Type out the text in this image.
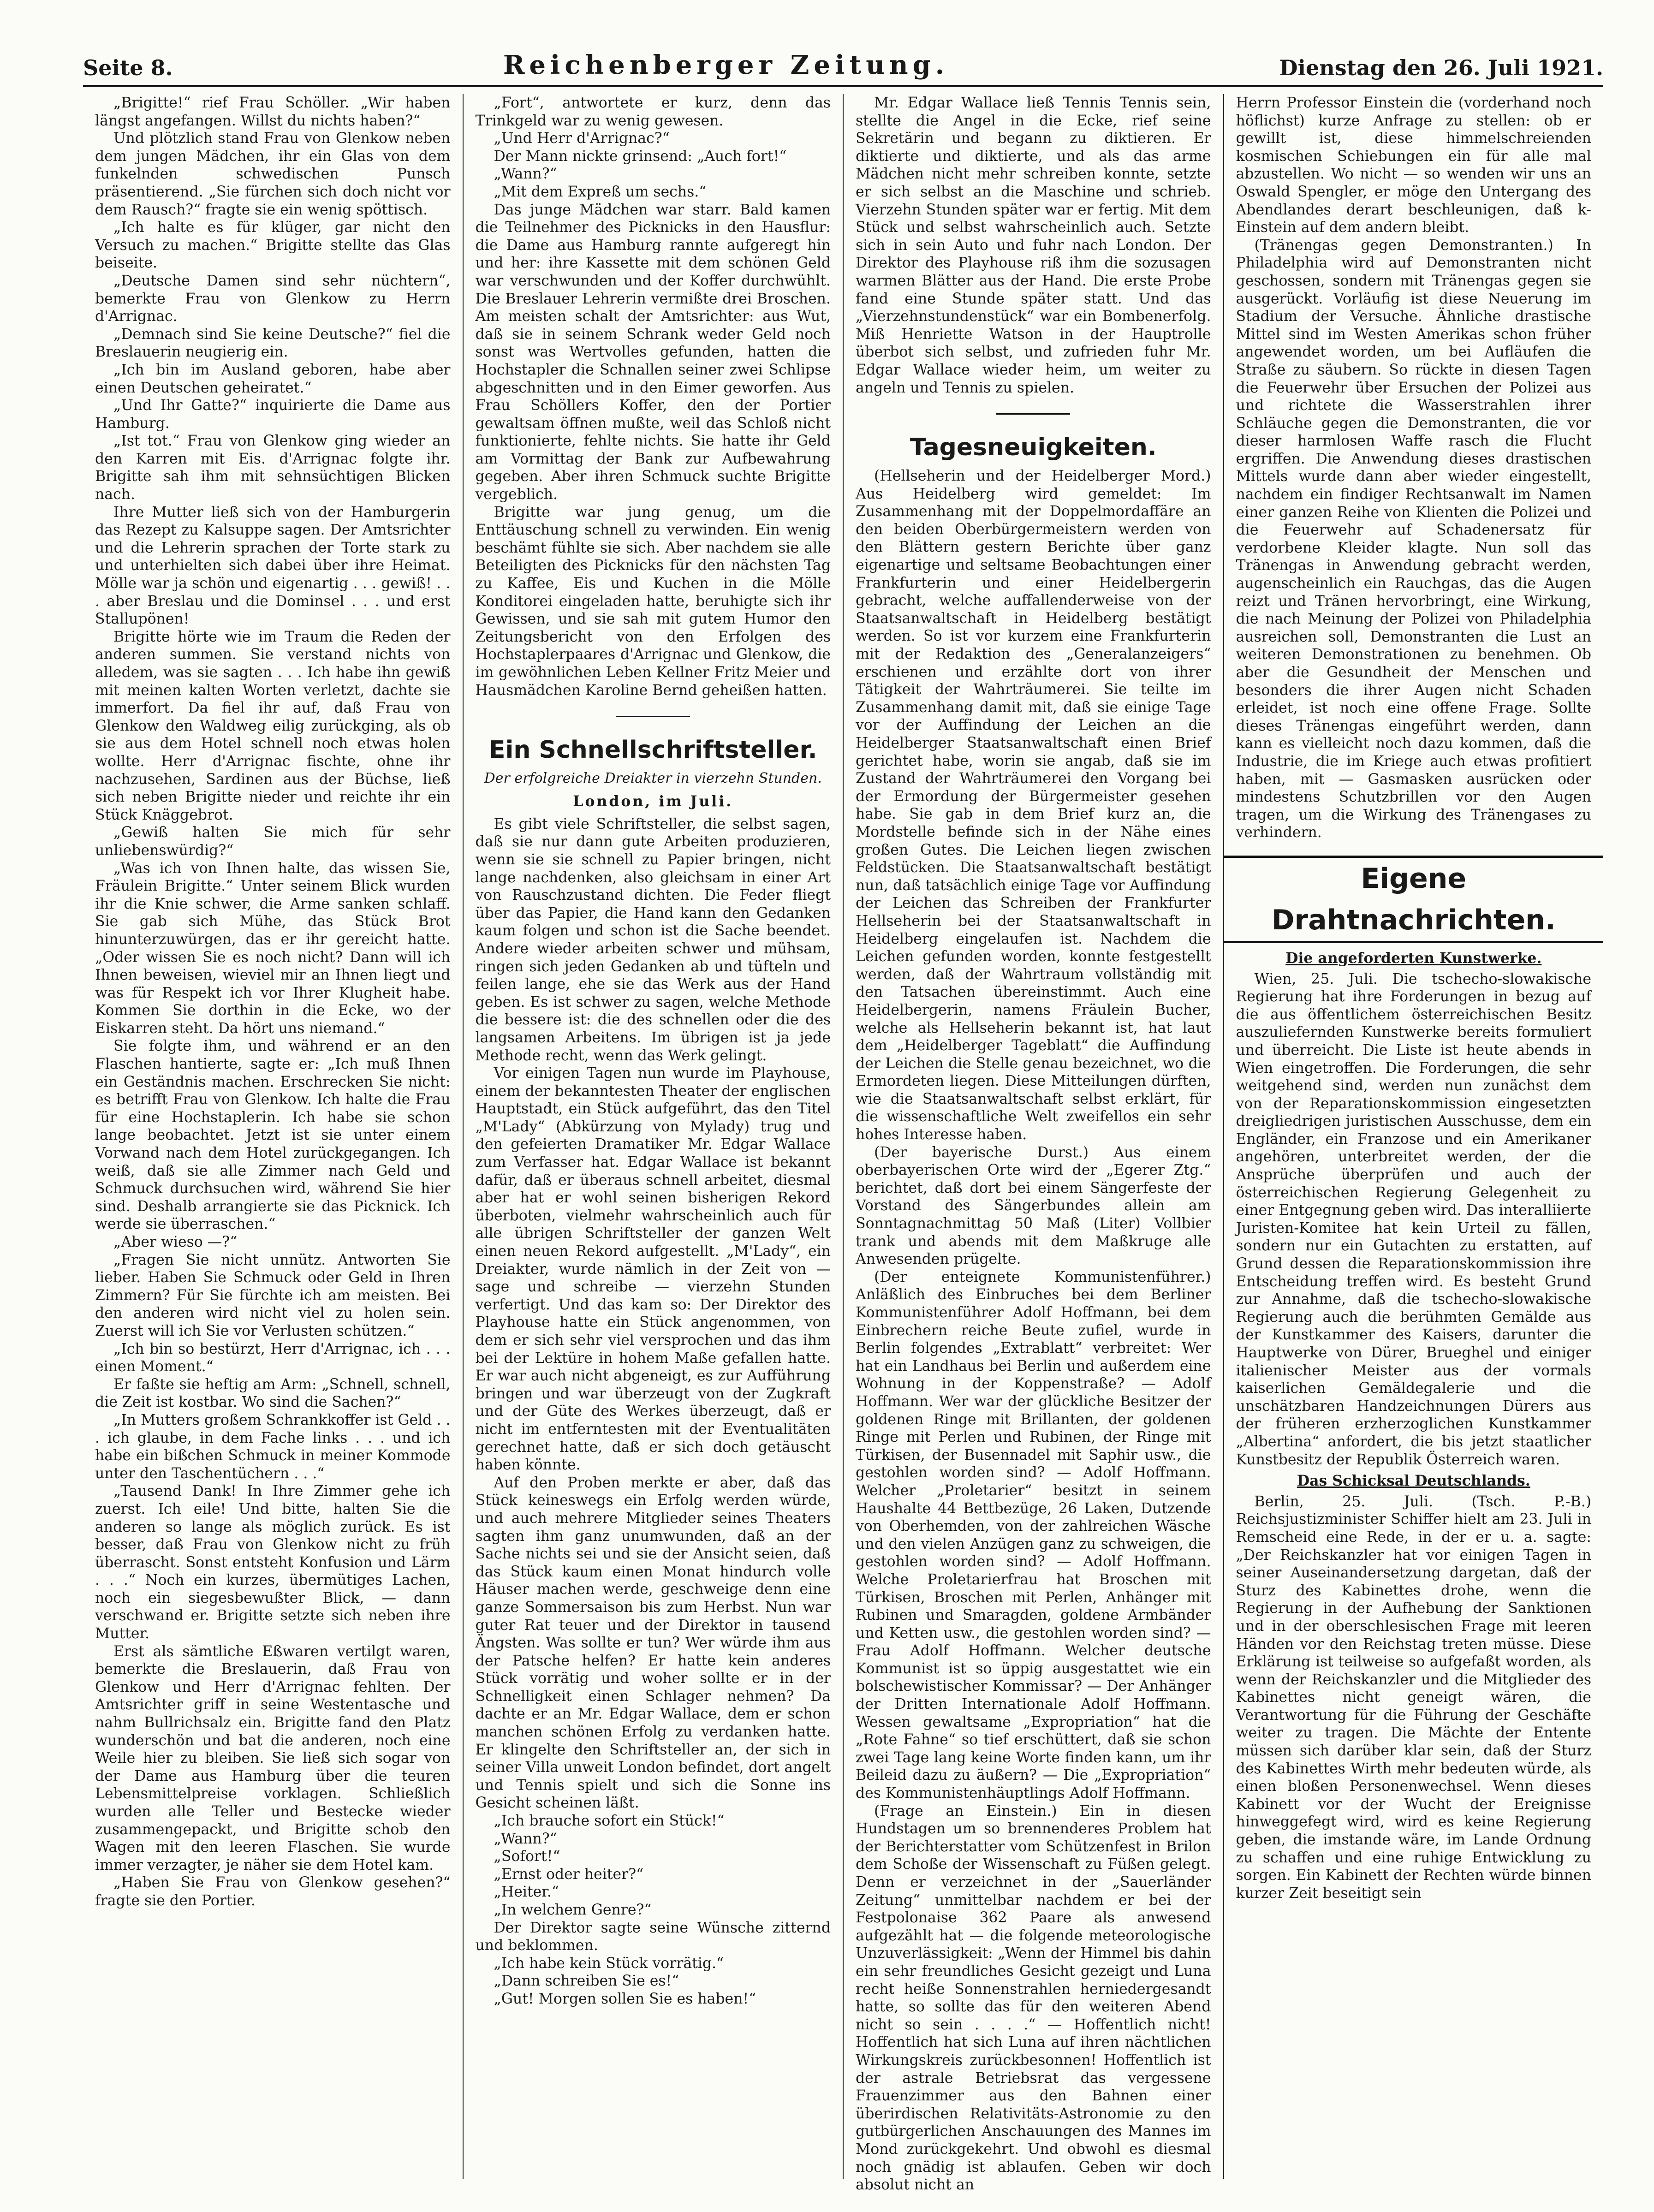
Seite 8.	Reichenberger Zeitung.	Dienstag den 26. Juli 1921.

„Brigitte!“ rief Frau Schöller. „Wir haben längst angefangen. Willst du nichts haben?“

Und plötzlich stand Frau von Glenkow neben dem jungen Mädchen, ihr ein Glas von dem funkelnden schwedischen Punsch präsentierend. „Sie fürchen sich doch nicht vor dem Rausch?“ fragte sie ein wenig spöttisch.

„Ich halte es für klüger, gar nicht den Versuch zu machen.“ Brigitte stellte das Glas beiseite.

„Deutsche Damen sind sehr nüchtern“, bemerkte Frau von Glenkow zu Herrn d'Arrignac.

„Demnach sind Sie keine Deutsche?“ fiel die Breslauerin neugierig ein.

„Ich bin im Ausland geboren, habe aber einen Deutschen geheiratet.“

„Und Ihr Gatte?“ inquirierte die Dame aus Hamburg.

„Ist tot.“ Frau von Glenkow ging wieder an den Karren mit Eis. d'Arrignac folgte ihr. Brigitte sah ihm mit sehnsüchtigen Blicken nach.

Ihre Mutter ließ sich von der Hamburgerin das Rezept zu Kalsuppe sagen. Der Amtsrichter und die Lehrerin sprachen der Torte stark zu und unterhielten sich dabei über ihre Heimat. Mölle war ja schön und eigenartig . . . gewiß! . . . aber Breslau und die Dominsel . . . und erst Stallupönen!

Brigitte hörte wie im Traum die Reden der anderen summen. Sie verstand nichts von alledem, was sie sagten . . . Ich habe ihn gewiß mit meinen kalten Worten verletzt, dachte sie immerfort. Da fiel ihr auf, daß Frau von Glenkow den Waldweg eilig zurückging, als ob sie aus dem Hotel schnell noch etwas holen wollte. Herr d'Arrignac fischte, ohne ihr nachzusehen, Sardinen aus der Büchse, ließ sich neben Brigitte nieder und reichte ihr ein Stück Knäggebrot.

„Gewiß halten Sie mich für sehr unliebenswürdig?“

„Was ich von Ihnen halte, das wissen Sie, Fräulein Brigitte.“ Unter seinem Blick wurden ihr die Knie schwer, die Arme sanken schlaff. Sie gab sich Mühe, das Stück Brot hinunterzuwürgen, das er ihr gereicht hatte. „Oder wissen Sie es noch nicht? Dann will ich Ihnen beweisen, wieviel mir an Ihnen liegt und was für Respekt ich vor Ihrer Klugheit habe. Kommen Sie dorthin in die Ecke, wo der Eiskarren steht. Da hört uns niemand.“

Sie folgte ihm, und während er an den Flaschen hantierte, sagte er: „Ich muß Ihnen ein Geständnis machen. Erschrecken Sie nicht: es betrifft Frau von Glenkow. Ich halte die Frau für eine Hochstaplerin. Ich habe sie schon lange beobachtet. Jetzt ist sie unter einem Vorwand nach dem Hotel zurückgegangen. Ich weiß, daß sie alle Zimmer nach Geld und Schmuck durchsuchen wird, während Sie hier sind. Deshalb arrangierte sie das Picknick. Ich werde sie überraschen.“

„Aber wieso —?“

„Fragen Sie nicht unnütz. Antworten Sie lieber. Haben Sie Schmuck oder Geld in Ihren Zimmern? Für Sie fürchte ich am meisten. Bei den anderen wird nicht viel zu holen sein. Zuerst will ich Sie vor Verlusten schützen.“

„Ich bin so bestürzt, Herr d'Arrignac, ich . . . einen Moment.“

Er faßte sie heftig am Arm: „Schnell, schnell, die Zeit ist kostbar. Wo sind die Sachen?“

„In Mutters großem Schrankkoffer ist Geld . . . ich glaube, in dem Fache links . . . und ich habe ein bißchen Schmuck in meiner Kommode unter den Taschentüchern . . .“

„Tausend Dank! In Ihre Zimmer gehe ich zuerst. Ich eile! Und bitte, halten Sie die anderen so lange als möglich zurück. Es ist besser, daß Frau von Glenkow nicht zu früh überrascht. Sonst entsteht Konfusion und Lärm . . .“ Noch ein kurzes, übermütiges Lachen, noch ein siegesbewußter Blick, — dann verschwand er. Brigitte setzte sich neben ihre Mutter.

Erst als sämtliche Eßwaren vertilgt waren, bemerkte die Breslauerin, daß Frau von Glenkow und Herr d'Arrignac fehlten. Der Amtsrichter griff in seine Westentasche und nahm Bullrichsalz ein. Brigitte fand den Platz wunderschön und bat die anderen, noch eine Weile hier zu bleiben. Sie ließ sich sogar von der Dame aus Hamburg über die teuren Lebensmittelpreise vorklagen. Schließlich wurden alle Teller und Bestecke wieder zusammengepackt, und Brigitte schob den Wagen mit den leeren Flaschen. Sie wurde immer verzagter, je näher sie dem Hotel kam.

„Haben Sie Frau von Glenkow gesehen?“ fragte sie den Portier.

„Fort“, antwortete er kurz, denn das Trinkgeld war zu wenig gewesen.

„Und Herr d'Arrignac?“

Der Mann nickte grinsend: „Auch fort!“

„Wann?“

„Mit dem Expreß um sechs.“

Das junge Mädchen war starr. Bald kamen die Teilnehmer des Picknicks in den Hausflur: die Dame aus Hamburg rannte aufgeregt hin und her: ihre Kassette mit dem schönen Geld war verschwunden und der Koffer durchwühlt. Die Breslauer Lehrerin vermißte drei Broschen. Am meisten schalt der Amtsrichter: aus Wut, daß sie in seinem Schrank weder Geld noch sonst was Wertvolles gefunden, hatten die Hochstapler die Schnallen seiner zwei Schlipse abgeschnitten und in den Eimer geworfen. Aus Frau Schöllers Koffer, den der Portier gewaltsam öffnen mußte, weil das Schloß nicht funktionierte, fehlte nichts. Sie hatte ihr Geld am Vormittag der Bank zur Aufbewahrung gegeben. Aber ihren Schmuck suchte Brigitte vergeblich.

Brigitte war jung genug, um die Enttäuschung schnell zu verwinden. Ein wenig beschämt fühlte sie sich. Aber nachdem sie alle Beteiligten des Picknicks für den nächsten Tag zu Kaffee, Eis und Kuchen in die Mölle Konditorei eingeladen hatte, beruhigte sich ihr Gewissen, und sie sah mit gutem Humor den Zeitungsbericht von den Erfolgen des Hochstaplerpaares d'Arrignac und Glenkow, die im gewöhnlichen Leben Kellner Fritz Meier und Hausmädchen Karoline Bernd geheißen hatten.

Ein Schnellschriftsteller.
Der erfolgreiche Dreiakter in vierzehn Stunden.
London, im Juli.

Es gibt viele Schriftsteller, die selbst sagen, daß sie nur dann gute Arbeiten produzieren, wenn sie sie schnell zu Papier bringen, nicht lange nachdenken, also gleichsam in einer Art von Rauschzustand dichten. Die Feder fliegt über das Papier, die Hand kann den Gedanken kaum folgen und schon ist die Sache beendet. Andere wieder arbeiten schwer und mühsam, ringen sich jeden Gedanken ab und tüfteln und feilen lange, ehe sie das Werk aus der Hand geben. Es ist schwer zu sagen, welche Methode die bessere ist: die des schnellen oder die des langsamen Arbeitens. Im übrigen ist ja jede Methode recht, wenn das Werk gelingt.

Vor einigen Tagen nun wurde im Playhouse, einem der bekanntesten Theater der englischen Hauptstadt, ein Stück aufgeführt, das den Titel „M'Lady“ (Abkürzung von Mylady) trug und den gefeierten Dramatiker Mr. Edgar Wallace zum Verfasser hat. Edgar Wallace ist bekannt dafür, daß er überaus schnell arbeitet, diesmal aber hat er wohl seinen bisherigen Rekord überboten, vielmehr wahrscheinlich auch für alle übrigen Schriftsteller der ganzen Welt einen neuen Rekord aufgestellt. „M'Lady“, ein Dreiakter, wurde nämlich in der Zeit von — sage und schreibe — vierzehn Stunden verfertigt. Und das kam so: Der Direktor des Playhouse hatte ein Stück angenommen, von dem er sich sehr viel versprochen und das ihm bei der Lektüre in hohem Maße gefallen hatte. Er war auch nicht abgeneigt, es zur Aufführung bringen und war überzeugt von der Zugkraft und der Güte des Werkes überzeugt, daß er nicht im entferntesten mit der Eventualitäten gerechnet hatte, daß er sich doch getäuscht haben könnte.

Auf den Proben merkte er aber, daß das Stück keineswegs ein Erfolg werden würde, und auch mehrere Mitglieder seines Theaters sagten ihm ganz unumwunden, daß an der Sache nichts sei und sie der Ansicht seien, daß das Stück kaum einen Monat hindurch volle Häuser machen werde, geschweige denn eine ganze Sommersaison bis zum Herbst. Nun war guter Rat teuer und der Direktor in tausend Ängsten. Was sollte er tun? Wer würde ihm aus der Patsche helfen? Er hatte kein anderes Stück vorrätig und woher sollte er in der Schnelligkeit einen Schlager nehmen? Da dachte er an Mr. Edgar Wallace, dem er schon manchen schönen Erfolg zu verdanken hatte. Er klingelte den Schriftsteller an, der sich in seiner Villa unweit London befindet, dort angelt und Tennis spielt und sich die Sonne ins Gesicht scheinen läßt.

„Ich brauche sofort ein Stück!“

„Wann?“

„Sofort!“

„Ernst oder heiter?“

„Heiter.“

„In welchem Genre?“

Der Direktor sagte seine Wünsche zitternd und beklommen.

„Ich habe kein Stück vorrätig.“

„Dann schreiben Sie es!“

„Gut! Morgen sollen Sie es haben!“

Mr. Edgar Wallace ließ Tennis Tennis sein, stellte die Angel in die Ecke, rief seine Sekretärin und begann zu diktieren. Er diktierte und diktierte, und als das arme Mädchen nicht mehr schreiben konnte, setzte er sich selbst an die Maschine und schrieb. Vierzehn Stunden später war er fertig. Mit dem Stück und selbst wahrscheinlich auch. Setzte sich in sein Auto und fuhr nach London. Der Direktor des Playhouse riß ihm die sozusagen warmen Blätter aus der Hand. Die erste Probe fand eine Stunde später statt. Und das „Vierzehnstundenstück“ war ein Bombenerfolg. Miß Henriette Watson in der Hauptrolle überbot sich selbst, und zufrieden fuhr Mr. Edgar Wallace wieder heim, um weiter zu angeln und Tennis zu spielen.

Tagesneuigkeiten.

(Hellseherin und der Heidelberger Mord.) Aus Heidelberg wird gemeldet: Im Zusammenhang mit der Doppelmordaffäre an den beiden Oberbürgermeistern werden von den Blättern gestern Berichte über ganz eigenartige und seltsame Beobachtungen einer Frankfurterin und einer Heidelbergerin gebracht, welche auffallenderweise von der Staatsanwaltschaft in Heidelberg bestätigt werden. So ist vor kurzem eine Frankfurterin mit der Redaktion des „Generalanzeigers“ erschienen und erzählte dort von ihrer Tätigkeit der Wahrträumerei. Sie teilte im Zusammenhang damit mit, daß sie einige Tage vor der Auffindung der Leichen an die Heidelberger Staatsanwaltschaft einen Brief gerichtet habe, worin sie angab, daß sie im Zustand der Wahrträumerei den Vorgang bei der Ermordung der Bürgermeister gesehen habe. Sie gab in dem Brief kurz an, die Mordstelle befinde sich in der Nähe eines großen Gutes. Die Leichen liegen zwischen Feldstücken. Die Staatsanwaltschaft bestätigt nun, daß tatsächlich einige Tage vor Auffindung der Leichen das Schreiben der Frankfurter Hellseherin bei der Staatsanwaltschaft in Heidelberg eingelaufen ist. Nachdem die Leichen gefunden worden, konnte festgestellt werden, daß der Wahrtraum vollständig mit den Tatsachen übereinstimmt. Auch eine Heidelbergerin, namens Fräulein Bucher, welche als Hellseherin bekannt ist, hat laut dem „Heidelberger Tageblatt“ die Auffindung der Leichen die Stelle genau bezeichnet, wo die Ermordeten liegen. Diese Mitteilungen dürften, wie die Staatsanwaltschaft selbst erklärt, für die wissenschaftliche Welt zweifellos ein sehr hohes Interesse haben.

(Der bayerische Durst.) Aus einem oberbayerischen Orte wird der „Egerer Ztg.“ berichtet, daß dort bei einem Sängerfeste der Vorstand des Sängerbundes allein am Sonntagnachmittag 50 Maß (Liter) Vollbier trank und abends mit dem Maßkruge alle Anwesenden prügelte.

(Der enteignete Kommunistenführer.) Anläßlich des Einbruches bei dem Berliner Kommunistenführer Adolf Hoffmann, bei dem Einbrechern reiche Beute zufiel, wurde in Berlin folgendes „Extrablatt“ verbreitet: Wer hat ein Landhaus bei Berlin und außerdem eine Wohnung in der Koppenstraße? — Adolf Hoffmann. Wer war der glückliche Besitzer der goldenen Ringe mit Brillanten, der goldenen Ringe mit Perlen und Rubinen, der Ringe mit Türkisen, der Busennadel mit Saphir usw., die gestohlen worden sind? — Adolf Hoffmann. Welcher „Proletarier“ besitzt in seinem Haushalte 44 Bettbezüge, 26 Laken, Dutzende von Oberhemden, von der zahlreichen Wäsche und den vielen Anzügen ganz zu schweigen, die gestohlen worden sind? — Adolf Hoffmann. Welche Proletarierfrau hat Broschen mit Türkisen, Broschen mit Perlen, Anhänger mit Rubinen und Smaragden, goldene Armbänder und Ketten usw., die gestohlen worden sind? — Frau Adolf Hoffmann. Welcher deutsche Kommunist ist so üppig ausgestattet wie ein bolschewistischer Kommissar? — Der Anhänger der Dritten Internationale Adolf Hoffmann. Wessen gewaltsame „Expropriation“ hat die „Rote Fahne“ so tief erschüttert, daß sie schon zwei Tage lang keine Worte finden kann, um ihr Beileid dazu zu äußern? — Die „Expropriation“ des Kommunistenhäuptlings Adolf Hoffmann.

(Frage an Einstein.) Ein in diesen Hundstagen um so brennenderes Problem hat der Berichterstatter vom Schützenfest in Brilon dem Schoße der Wissenschaft zu Füßen gelegt. Denn er verzeichnet in der „Sauerländer Zeitung“ unmittelbar nachdem er bei der Festpolonaise 362 Paare als anwesend aufgezählt hat — die folgende meteorologische Unzuverlässigkeit: „Wenn der Himmel bis dahin ein sehr freundliches Gesicht gezeigt und Luna recht heiße Sonnenstrahlen herniedergesandt hatte, so sollte das für den weiteren Abend nicht so sein . . . .“ — Hoffentlich nicht! Hoffentlich hat sich Luna auf ihren nächtlichen Wirkungskreis zurückbesonnen! Hoffentlich ist der astrale Betriebsrat das vergessene Frauenzimmer aus den Bahnen einer überirdischen Relativitäts-Astronomie zu den gutbürgerlichen Anschauungen des Mannes im Mond zurückgekehrt. Und obwohl es diesmal noch gnädig ist ablaufen. Geben wir doch absolut nicht an

Herrn Professor Einstein die (vorderhand noch höflichst) kurze Anfrage zu stellen: ob er gewillt ist, diese himmelschreienden kosmischen Schiebungen ein für alle mal abzustellen. Wo nicht — so wenden wir uns an Oswald Spengler, er möge den Untergang des Abendlandes derart beschleunigen, daß k-Einstein auf dem andern bleibt.

(Tränengas gegen Demonstranten.) In Philadelphia wird auf Demonstranten nicht geschossen, sondern mit Tränengas gegen sie ausgerückt. Vorläufig ist diese Neuerung im Stadium der Versuche. Ähnliche drastische Mittel sind im Westen Amerikas schon früher angewendet worden, um bei Aufläufen die Straße zu säubern. So rückte in diesen Tagen die Feuerwehr über Ersuchen der Polizei aus und richtete die Wasserstrahlen ihrer Schläuche gegen die Demonstranten, die vor dieser harmlosen Waffe rasch die Flucht ergriffen. Die Anwendung dieses drastischen Mittels wurde dann aber wieder eingestellt, nachdem ein findiger Rechtsanwalt im Namen einer ganzen Reihe von Klienten die Polizei und die Feuerwehr auf Schadenersatz für verdorbene Kleider klagte. Nun soll das Tränengas in Anwendung gebracht werden, augenscheinlich ein Rauchgas, das die Augen reizt und Tränen hervorbringt, eine Wirkung, die nach Meinung der Polizei von Philadelphia ausreichen soll, Demonstranten die Lust an weiteren Demonstrationen zu benehmen. Ob aber die Gesundheit der Menschen und besonders die ihrer Augen nicht Schaden erleidet, ist noch eine offene Frage. Sollte dieses Tränengas eingeführt werden, dann kann es vielleicht noch dazu kommen, daß die Industrie, die im Kriege auch etwas profitiert haben, mit — Gasmasken ausrücken oder mindestens Schutzbrillen vor den Augen tragen, um die Wirkung des Tränengases zu verhindern.

Eigene Drahtnachrichten.
Die angeforderten Kunstwerke.

Wien, 25. Juli. Die tschecho-slowakische Regierung hat ihre Forderungen in bezug auf die aus öffentlichem österreichischen Besitz auszuliefernden Kunstwerke bereits formuliert und überreicht. Die Liste ist heute abends in Wien eingetroffen. Die Forderungen, die sehr weitgehend sind, werden nun zunächst dem von der Reparationskommission eingesetzten dreigliedrigen juristischen Ausschusse, dem ein Engländer, ein Franzose und ein Amerikaner angehören, unterbreitet werden, der die Ansprüche überprüfen und auch der österreichischen Regierung Gelegenheit zu einer Entgegnung geben wird. Das interalliierte Juristen-Komitee hat kein Urteil zu fällen, sondern nur ein Gutachten zu erstatten, auf Grund dessen die Reparationskommission ihre Entscheidung treffen wird. Es besteht Grund zur Annahme, daß die tschecho-slowakische Regierung auch die berühmten Gemälde aus der Kunstkammer des Kaisers, darunter die Hauptwerke von Dürer, Brueghel und einiger italienischer Meister aus der vormals kaiserlichen Gemäldegalerie und die unschätzbaren Handzeichnungen Dürers aus der früheren erzherzoglichen Kunstkammer „Albertina“ anfordert, die bis jetzt staatlicher Kunstbesitz der Republik Österreich waren.

Das Schicksal Deutschlands.

Berlin, 25. Juli. (Tsch. P.-B.) Reichsjustizminister Schiffer hielt am 23. Juli in Remscheid eine Rede, in der er u. a. sagte: „Der Reichskanzler hat vor einigen Tagen in seiner Auseinandersetzung dargetan, daß der Sturz des Kabinettes drohe, wenn die Regierung in der Aufhebung der Sanktionen und in der oberschlesischen Frage mit leeren Händen vor den Reichstag treten müsse. Diese Erklärung ist teilweise so aufgefaßt worden, als wenn der Reichskanzler und die Mitglieder des Kabinettes nicht geneigt wären, die Verantwortung für die Führung der Geschäfte weiter zu tragen. Die Mächte der Entente müssen sich darüber klar sein, daß der Sturz des Kabinettes Wirth mehr bedeuten würde, als einen bloßen Personenwechsel. Wenn dieses Kabinett vor der Wucht der Ereignisse hinweggefegt wird, wird es keine Regierung geben, die imstande wäre, im Lande Ordnung zu schaffen und eine ruhige Entwicklung zu sorgen. Ein Kabinett der Rechten würde binnen kurzer Zeit beseitigt sein
